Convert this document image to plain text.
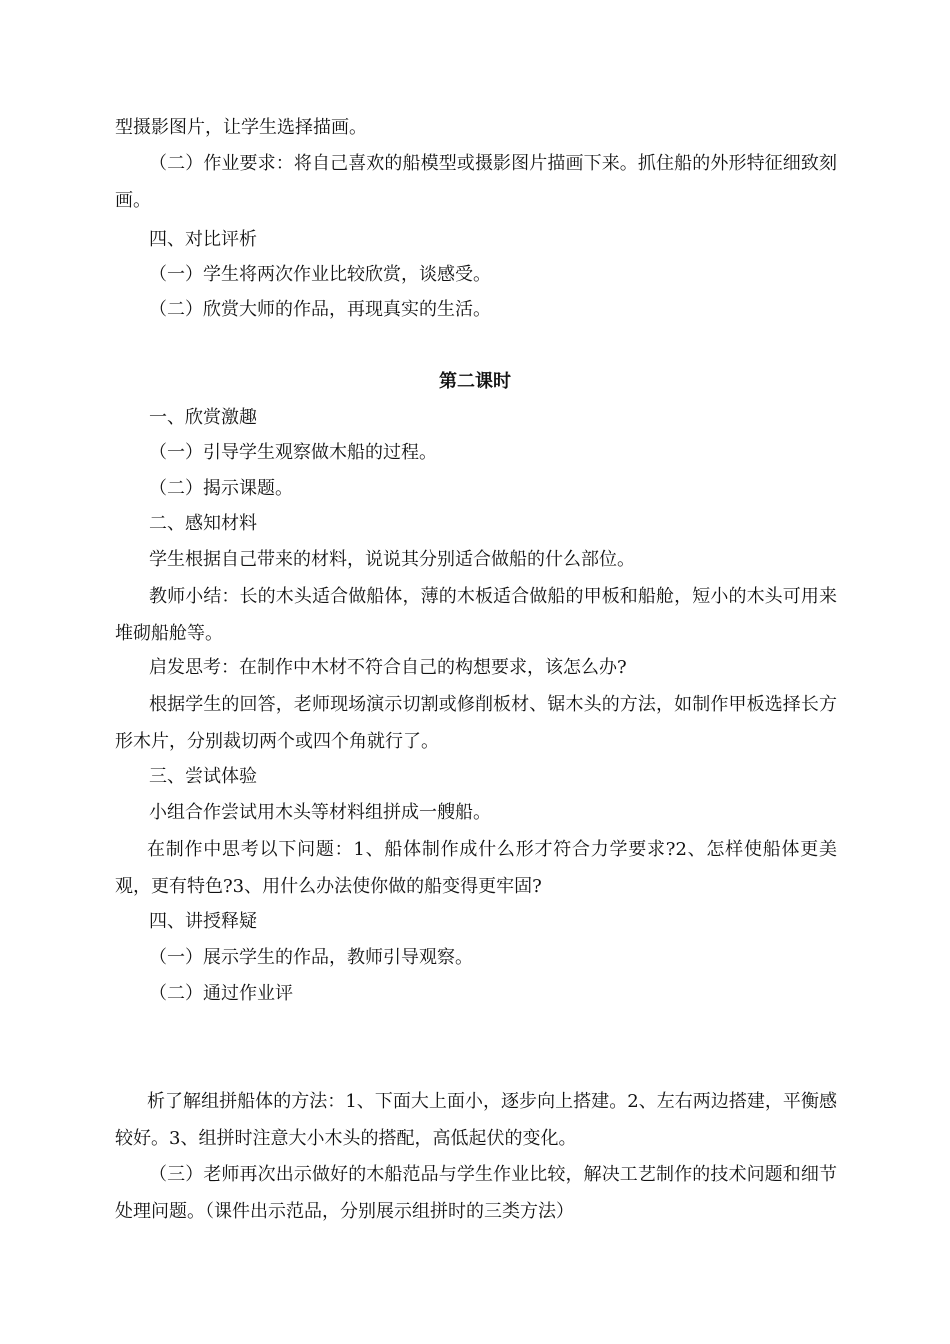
型摄影图片，让学生选择描画。
（二）作业要求：将自己喜欢的船模型或摄影图片描画下来。抓住船的外形特征细致刻画。
四、对比评析
（一）学生将两次作业比较欣赏，谈感受。
（二）欣赏大师的作品，再现真实的生活。
第二课时
一、欣赏激趣
（一）引导学生观察做木船的过程。
（二）揭示课题。
二、感知材料
学生根据自己带来的材料，说说其分别适合做船的什么部位。
教师小结：长的木头适合做船体，薄的木板适合做船的甲板和船舱，短小的木头可用来堆砌船舱等。
启发思考：在制作中木材不符合自己的构想要求，该怎么办?
根据学生的回答，老师现场演示切割或修削板材、锯木头的方法，如制作甲板选择长方形木片，分别裁切两个或四个角就行了。
三、尝试体验
小组合作尝试用木头等材料组拼成一艘船。
在制作中思考以下问题：1、船体制作成什么形才符合力学要求?2、怎样使船体更美观，更有特色?3、用什么办法使你做的船变得更牢固?
四、讲授释疑
（一）展示学生的作品，教师引导观察。
（二）通过作业评
析了解组拼船体的方法：1、下面大上面小，逐步向上搭建。2、左右两边搭建，平衡感较好。3、组拼时注意大小木头的搭配，高低起伏的变化。
（三）老师再次出示做好的木船范品与学生作业比较，解决工艺制作的技术问题和细节处理问题。（课件出示范品，分别展示组拼时的三类方法）
